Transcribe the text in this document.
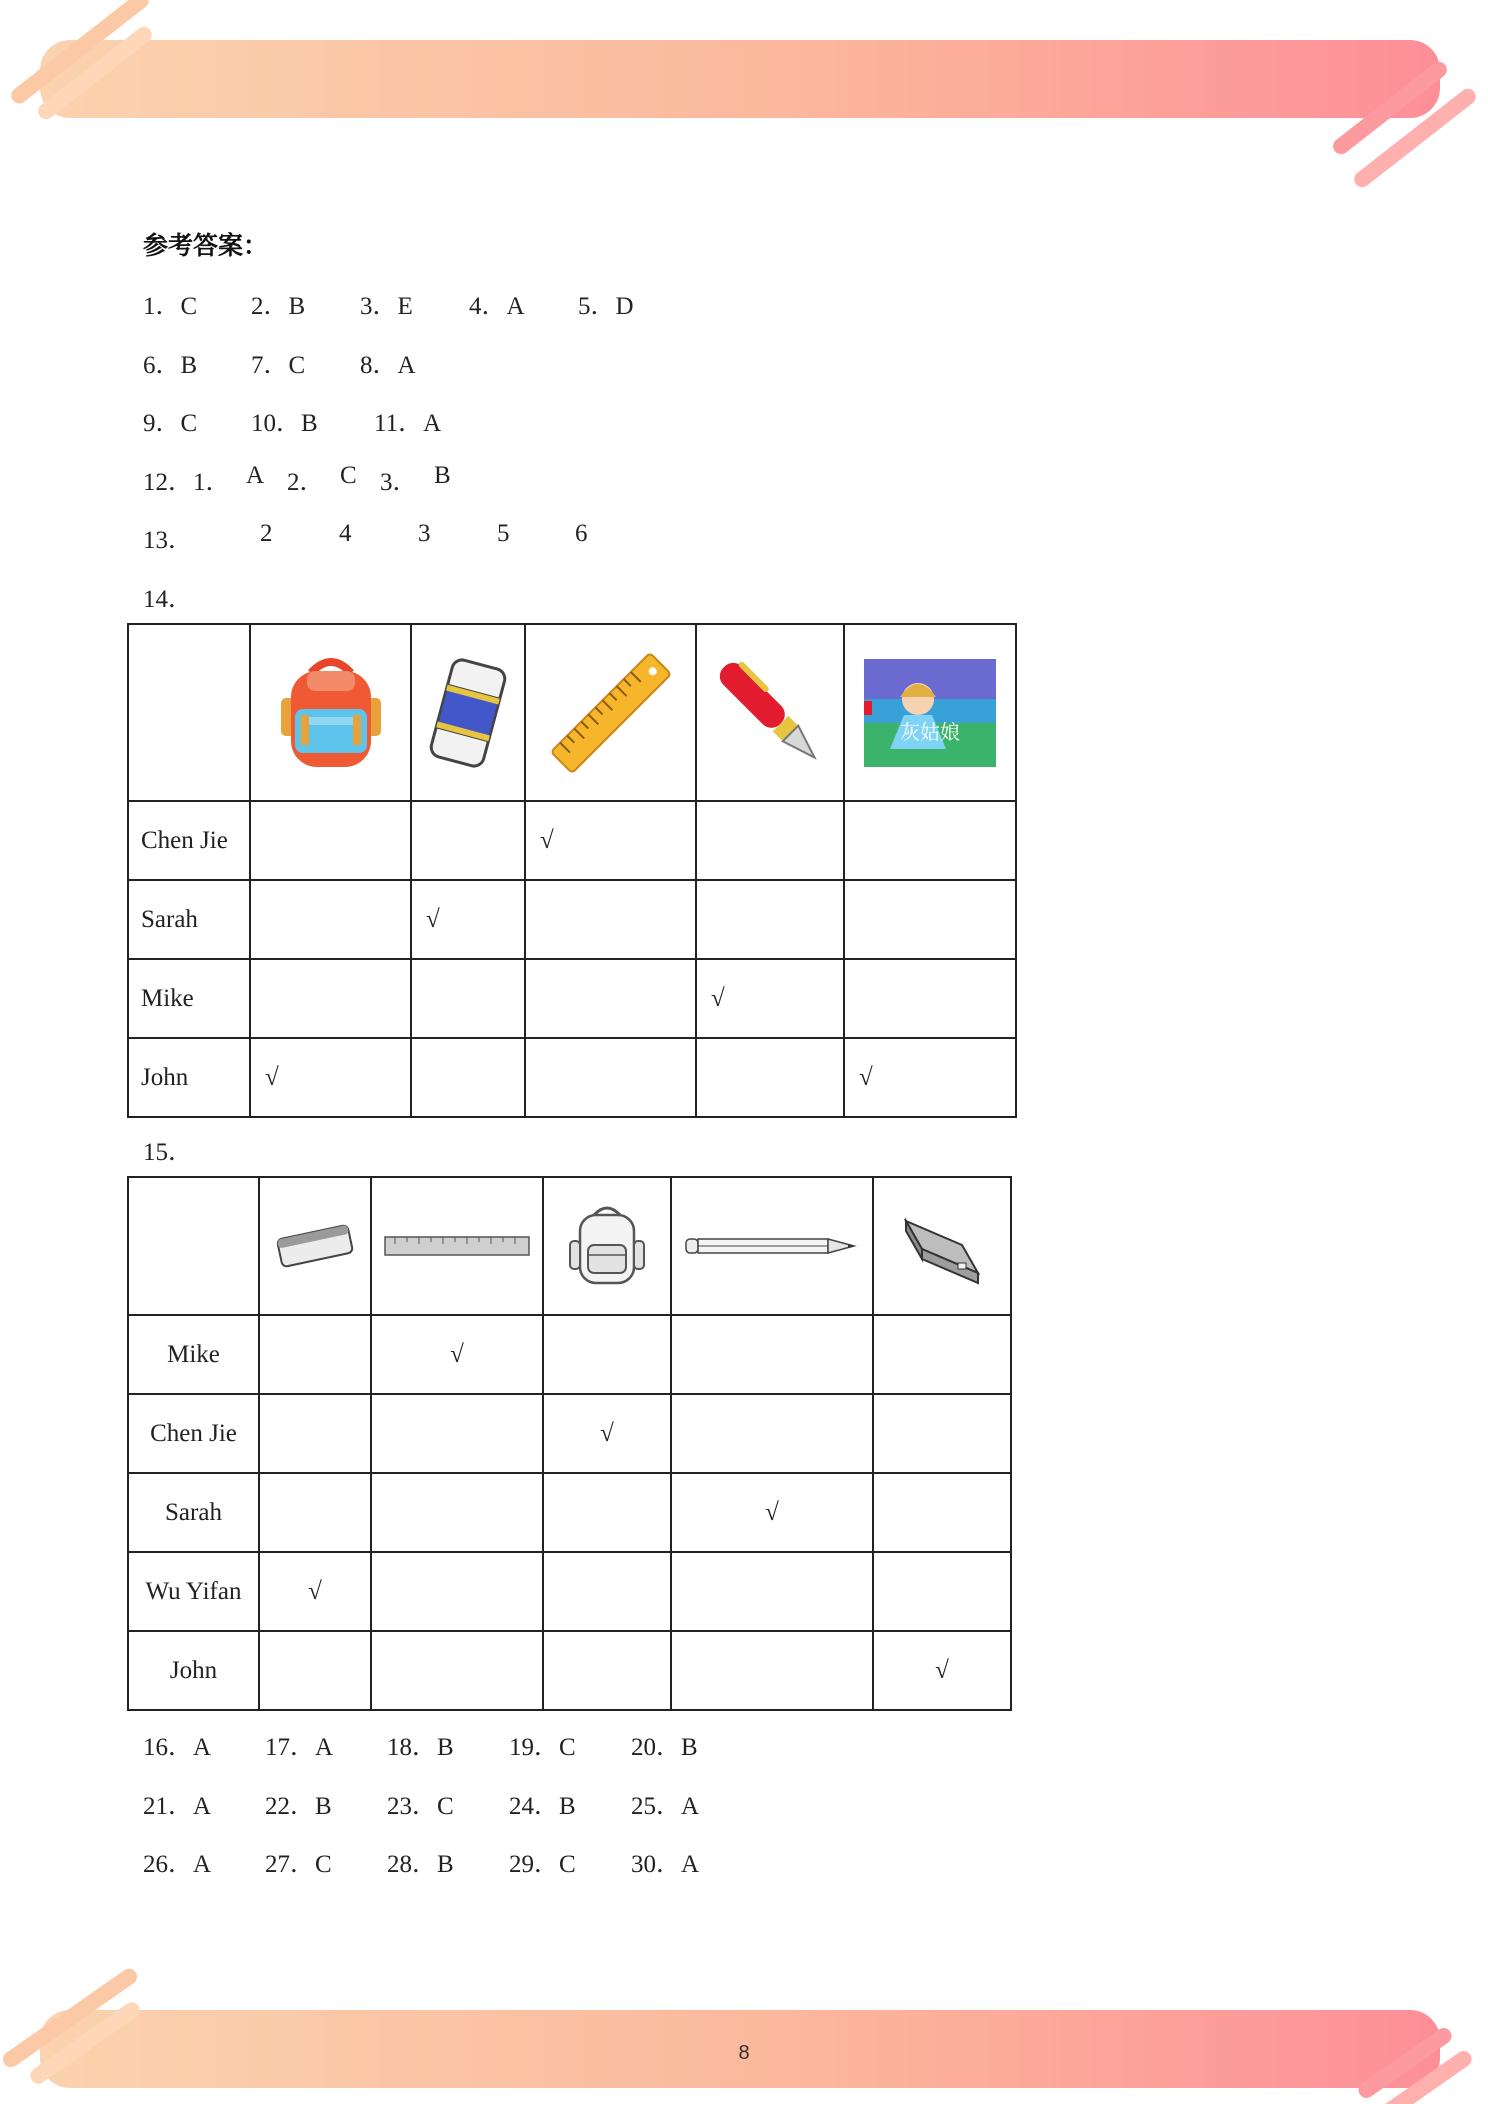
参考答案：
1．C 2．B 3．E 4．A 5．D
6．B 7．C 8．A
9．C 10．B 11．A
12．1． A 2． C 3． B
13．	2	4	3	5	6
14．

灰姑娘

Chen Jie			√		
Sarah		√			
Mike				√	
John	√				√
15．

Mike		√			
Chen Jie			√		
Sarah				√	
Wu Yifan	√				
John					√
16．A 17．A 18．B 19．C 20．B
21．A 22．B 23．C 24．B 25．A
26．A 27．C 28．B 29．C 30．A
8
